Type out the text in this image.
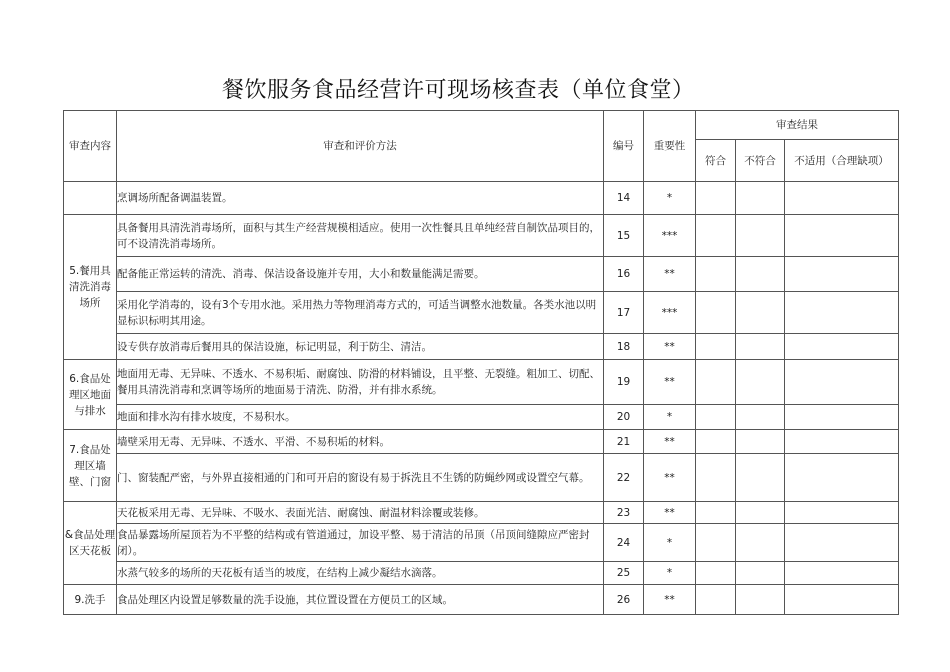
餐饮服务食品经营许可现场核查表（单位食堂）
审查内容	审查和评价方法	编号	重要性	审查结果		
				符合	不符合	不适用（合理缺项）
	烹调场所配备调温装置。	14	*			
5.餐用具清洗消毒场所	具备餐用具清洗消毒场所，面积与其生产经营规模相适应。使用一次性餐具且单纯经营自制饮品项目的，可不设清洗消毒场所。	15	***			
	配备能正常运转的清洗、消毒、保洁设备设施并专用，大小和数量能满足需要。	16	**			
	采用化学消毒的，设有3个专用水池。采用热力等物理消毒方式的，可适当调整水池数量。各类水池以明显标识标明其用途。	17	***			
	设专供存放消毒后餐用具的保洁设施，标记明显，利于防尘、清洁。	18	**			
6.食品处理区地面与排水	地面用无毒、无异味、不透水、不易积垢、耐腐蚀、防滑的材料铺设，且平整、无裂缝。粗加工、切配、餐用具清洗消毒和烹调等场所的地面易于清洗、防滑，并有排水系统。	19	**			
	地面和排水沟有排水坡度，不易积水。	20	*			
7.食品处理区墙壁、门窗	墙壁采用无毒、无异味、不透水、平滑、不易积垢的材料。	21	**			
	门、窗装配严密，与外界直接相通的门和可开启的窗设有易于拆洗且不生锈的防蝇纱网或设置空气幕。	22	**			
&食品处理区天花板	天花板采用无毒、无异味、不吸水、表面光洁、耐腐蚀、耐温材料涂覆或装修。	23	**			
	食品暴露场所屋顶若为不平整的结构或有管道通过，加设平整、易于清洁的吊顶（吊顶间缝隙应严密封闭）。	24	*			
	水蒸气较多的场所的天花板有适当的坡度，在结构上减少凝结水滴落。	25	*			
9.洗手	食品处理区内设置足够数量的洗手设施，其位置设置在方便员工的区域。	26	**			
